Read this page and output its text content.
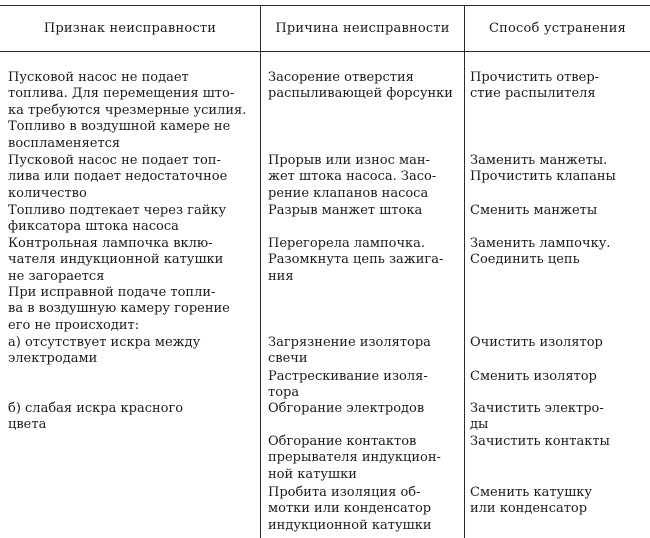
Признак неисправности	Причина неисправности	Способ устранения
Пусковой насос не подает
топлива. Для перемещения што-
ка требуются чрезмерные усилия.
Топливо в воздушной камере не
воспламеняется
Пусковой насос не подает топ-
лива или подает недостаточное
количество
Топливо подтекает через гайку
фиксатора штока насоса
Контрольная лампочка вклю-
чателя индукционной катушки
не загорается
При исправной подаче топли-
ва в воздушную камеру горение
его не происходит:
а) отсутствует искра между
электродами
б) слабая искра красного
цвета
Засорение отверстия
распыливающей форсунки
Прорыв или износ ман-
жет штока насоса. Засо-
рение клапанов насоса
Разрыв манжет штока
Перегорела лампочка.
Разомкнута цепь зажига-
ния
Загрязнение изолятора
свечи
Растрескивание изоля-
тора
Обгорание электродов
Обгорание контактов
прерывателя индукцион-
ной катушки
Пробита изоляция об-
мотки или конденсатор
индукционной катушки
Прочистить отвер-
стие распылителя
Заменить манжеты.
Прочистить клапаны
Сменить манжеты
Заменить лампочку.
Соединить цепь
Очистить изолятор
Сменить изолятор
Зачистить электро-
ды
Зачистить контакты
Сменить катушку
или конденсатор
